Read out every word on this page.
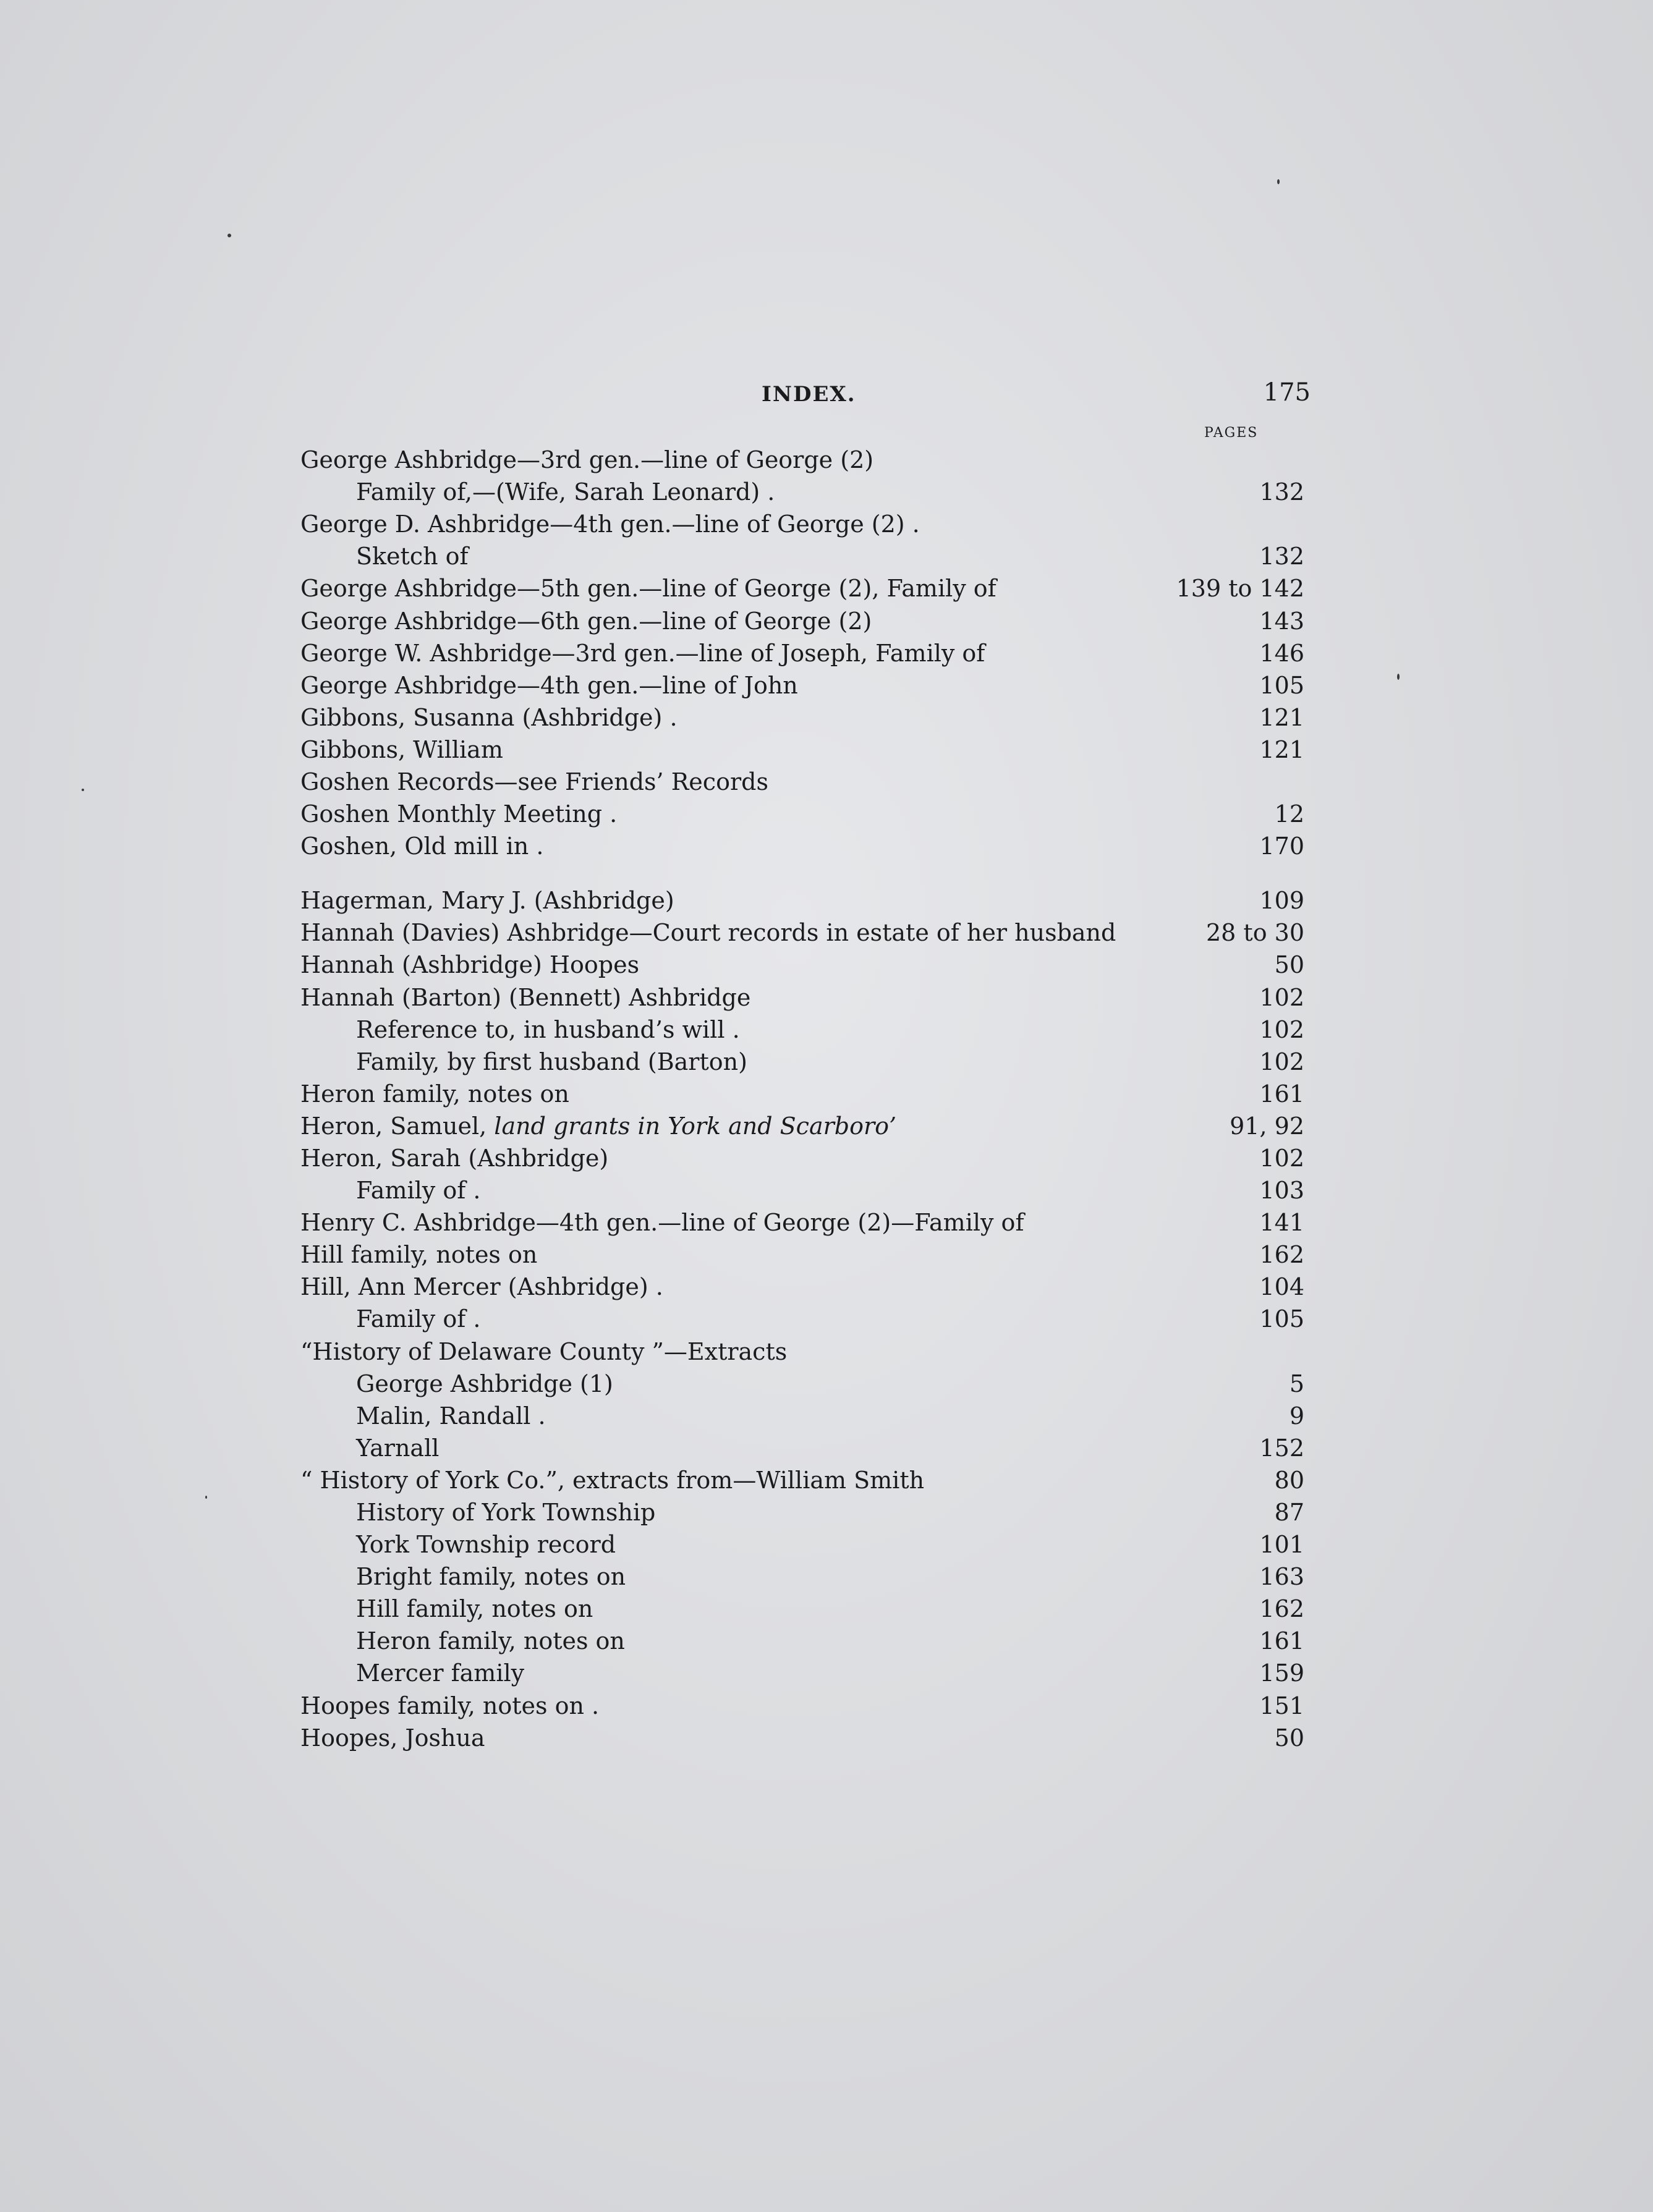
INDEX.	175
PAGES
George Ashbridge—3rd gen.—line of George (2)
Family of,—(Wife, Sarah Leonard) .	132
George D. Ashbridge—4th gen.—line of George (2) .
Sketch of	132
George Ashbridge—5th gen.—line of George (2), Family of	139 to 142
George Ashbridge—6th gen.—line of George (2)	143
George W. Ashbridge—3rd gen.—line of Joseph, Family of	146
George Ashbridge—4th gen.—line of John	105
Gibbons, Susanna (Ashbridge) .	121
Gibbons, William	121
Goshen Records—see Friends’ Records
Goshen Monthly Meeting .	12
Goshen, Old mill in .	170
Hagerman, Mary J. (Ashbridge)	109
Hannah (Davies) Ashbridge—Court records in estate of her husband	28 to 30
Hannah (Ashbridge) Hoopes	50
Hannah (Barton) (Bennett) Ashbridge	102
Reference to, in husband’s will .	102
Family, by first husband (Barton)	102
Heron family, notes on	161
Heron, Samuel, land grants in York and Scarboro’	91, 92
Heron, Sarah (Ashbridge)	102
Family of .	103
Henry C. Ashbridge—4th gen.—line of George (2)—Family of	141
Hill family, notes on	162
Hill, Ann Mercer (Ashbridge) .	104
Family of .	105
“History of Delaware County ”—Extracts
George Ashbridge (1)	5
Malin, Randall .	9
Yarnall	152
“ History of York Co.”, extracts from—William Smith	80
History of York Township	87
York Township record	101
Bright family, notes on	163
Hill family, notes on	162
Heron family, notes on	161
Mercer family	159
Hoopes family, notes on .	151
Hoopes, Joshua	50
